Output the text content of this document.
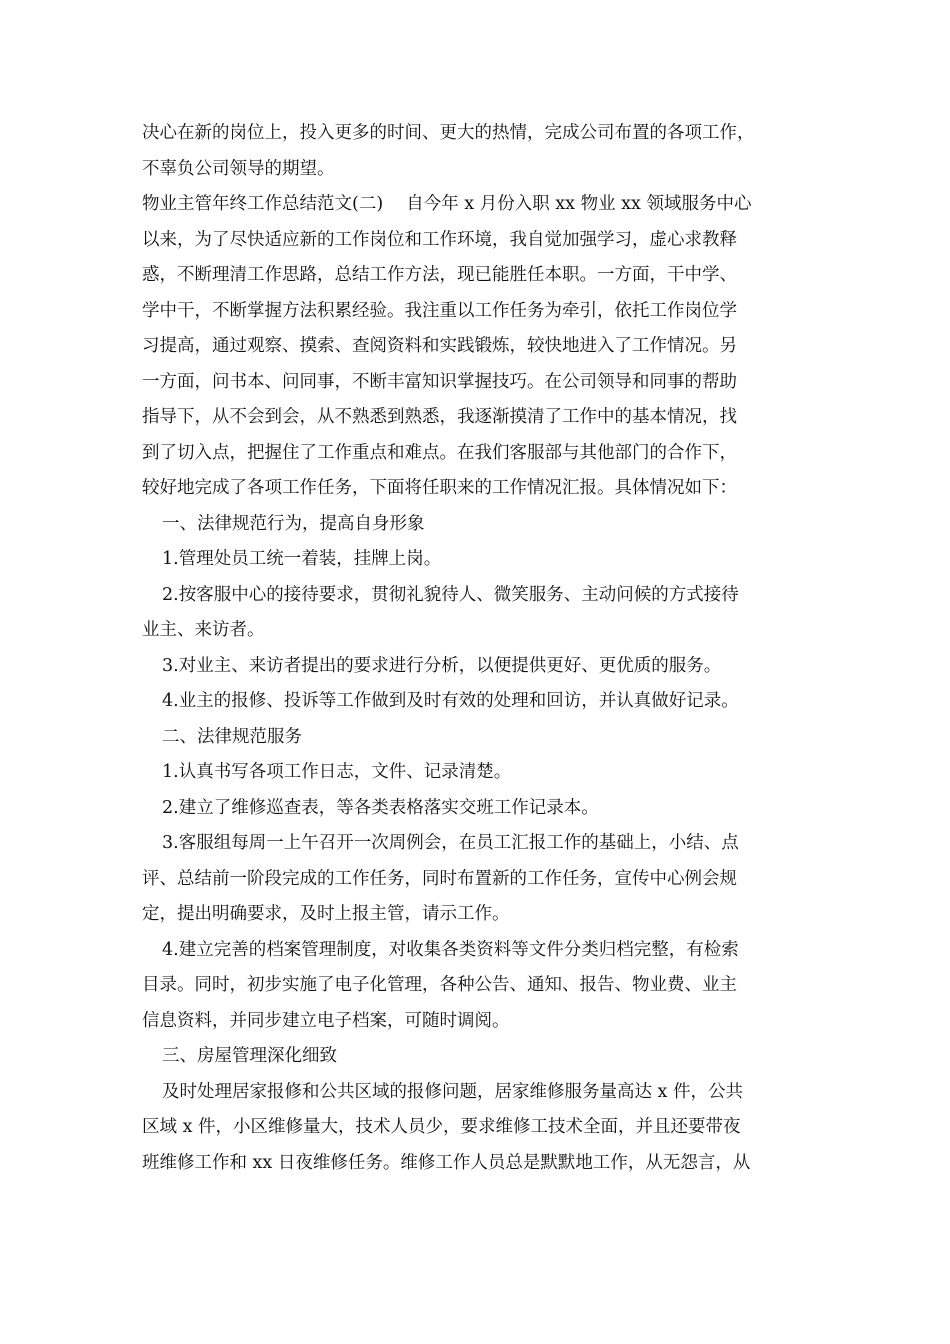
决心在新的岗位上，投入更多的时间、更大的热情，完成公司布置的各项工作，
不辜负公司领导的期望。
物业主管年终工作总结范文(二)　 自今年 x 月份入职 xx 物业 xx 领域服务中心
以来，为了尽快适应新的工作岗位和工作环境，我自觉加强学习，虚心求教释
惑，不断理清工作思路，总结工作方法，现已能胜任本职。一方面，干中学、
学中干，不断掌握方法积累经验。我注重以工作任务为牵引，依托工作岗位学
习提高，通过观察、摸索、查阅资料和实践锻炼，较快地进入了工作情况。另
一方面，问书本、问同事，不断丰富知识掌握技巧。在公司领导和同事的帮助
指导下，从不会到会，从不熟悉到熟悉，我逐渐摸清了工作中的基本情况，找
到了切入点，把握住了工作重点和难点。在我们客服部与其他部门的合作下，
较好地完成了各项工作任务，下面将任职来的工作情况汇报。具体情况如下：
一、法律规范行为，提高自身形象
1.管理处员工统一着装，挂牌上岗。
2.按客服中心的接待要求，贯彻礼貌待人、微笑服务、主动问候的方式接待
业主、来访者。
3.对业主、来访者提出的要求进行分析，以便提供更好、更优质的服务。
4.业主的报修、投诉等工作做到及时有效的处理和回访，并认真做好记录。
二、法律规范服务
1.认真书写各项工作日志，文件、记录清楚。
2.建立了维修巡查表，等各类表格落实交班工作记录本。
3.客服组每周一上午召开一次周例会，在员工汇报工作的基础上，小结、点
评、总结前一阶段完成的工作任务，同时布置新的工作任务，宣传中心例会规
定，提出明确要求，及时上报主管，请示工作。
4.建立完善的档案管理制度，对收集各类资料等文件分类归档完整，有检索
目录。同时，初步实施了电子化管理，各种公告、通知、报告、物业费、业主
信息资料，并同步建立电子档案，可随时调阅。
三、房屋管理深化细致
及时处理居家报修和公共区域的报修问题，居家维修服务量高达 x 件，公共
区域 x 件，小区维修量大，技术人员少，要求维修工技术全面，并且还要带夜
班维修工作和 xx 日夜维修任务。维修工作人员总是默默地工作，从无怨言，从
